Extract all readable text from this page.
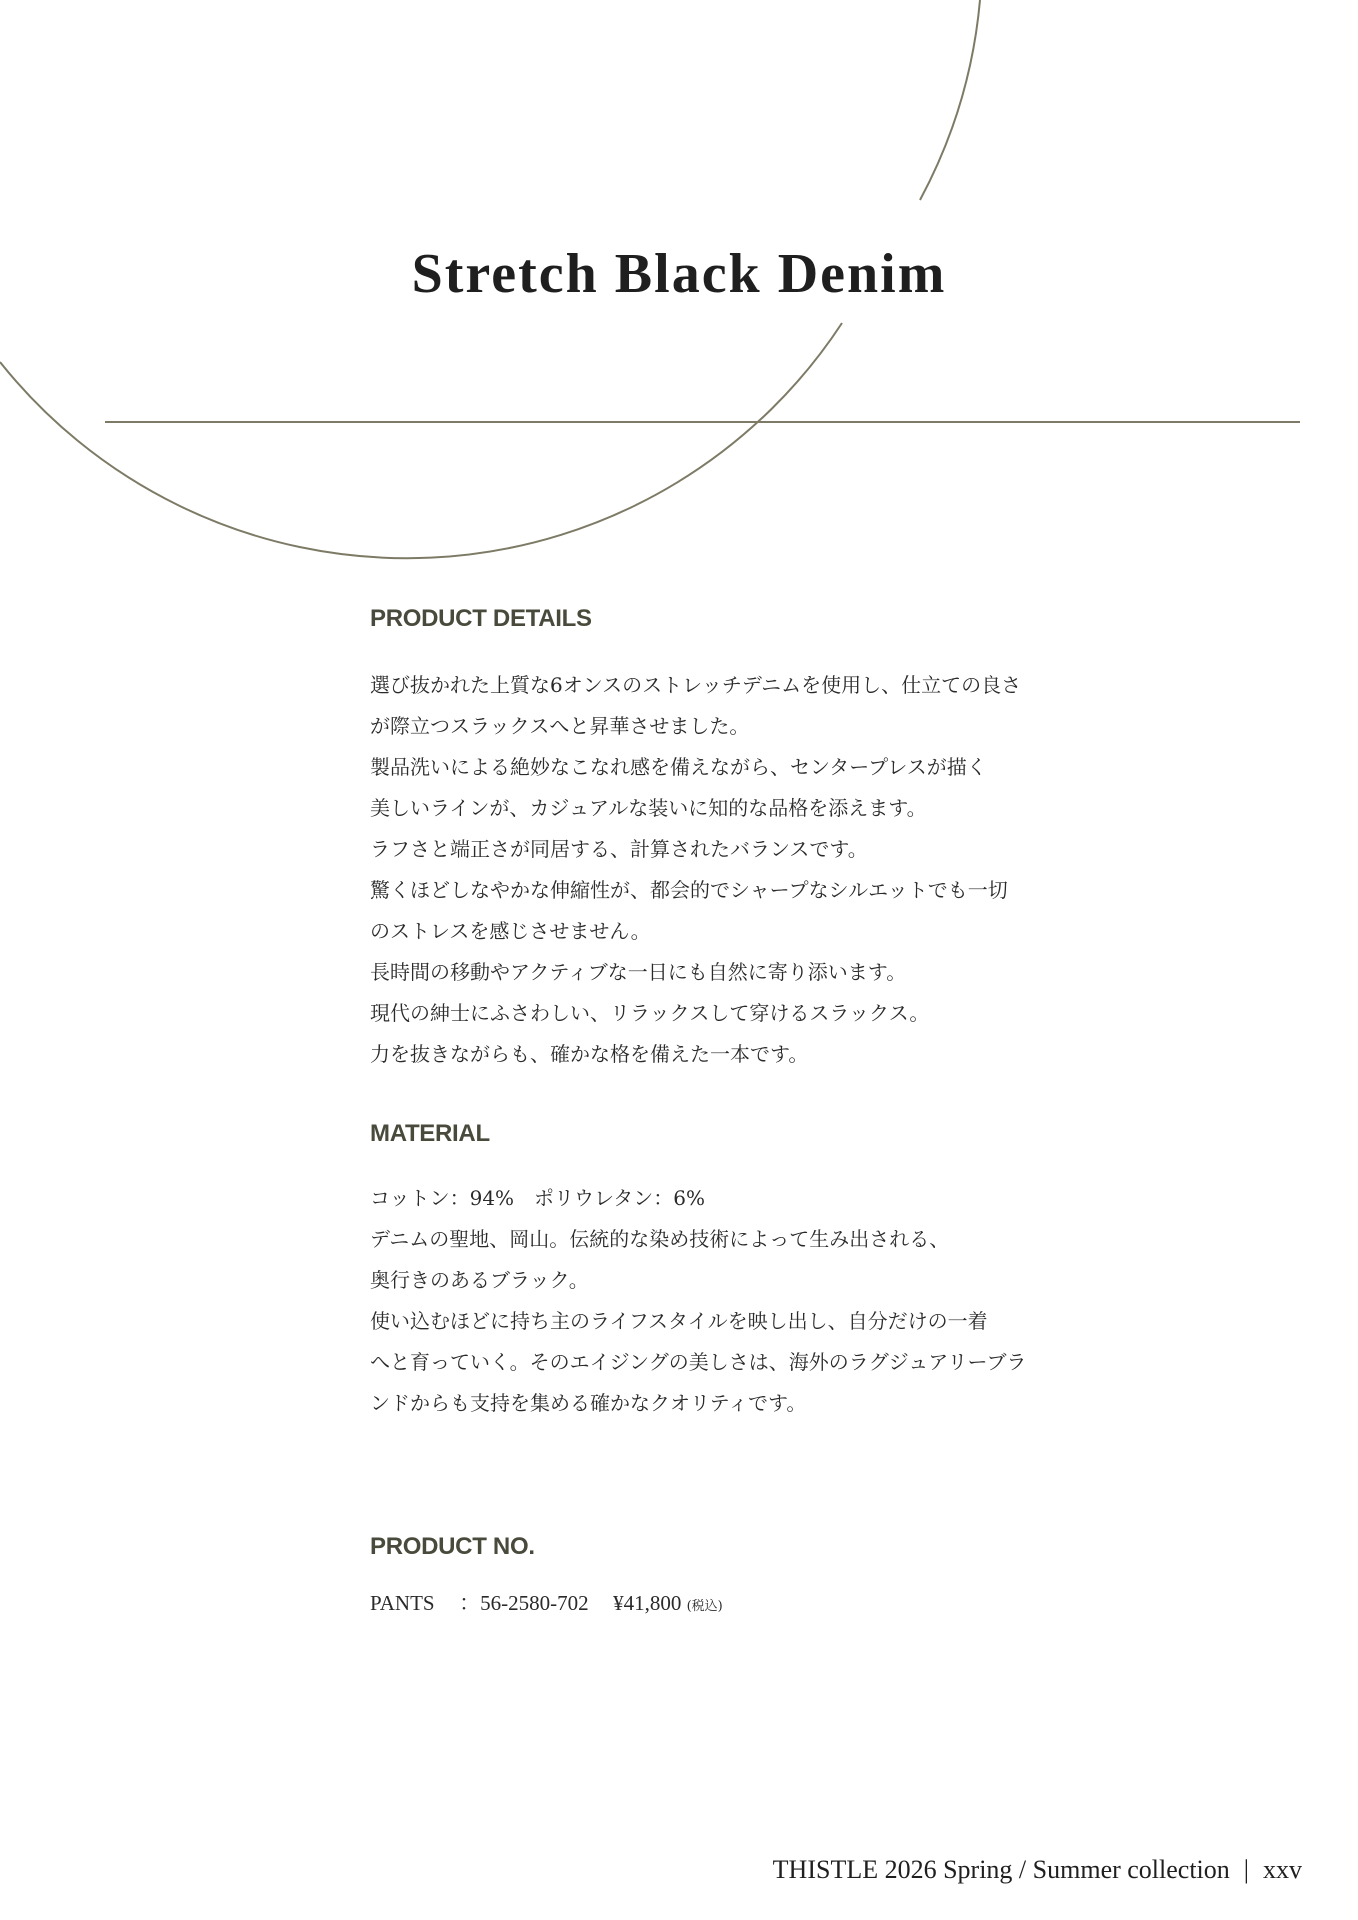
Stretch Black Denim
PRODUCT DETAILS
選び抜かれた上質な6オンスのストレッチデニムを使用し、仕立ての良さ
が際立つスラックスへと昇華させました。
製品洗いによる絶妙なこなれ感を備えながら、センタープレスが描く
美しいラインが、カジュアルな装いに知的な品格を添えます。
ラフさと端正さが同居する、計算されたバランスです。
驚くほどしなやかな伸縮性が、都会的でシャープなシルエットでも一切
のストレスを感じさせません。
長時間の移動やアクティブな一日にも自然に寄り添います。
現代の紳士にふさわしい、リラックスして穿けるスラックス。
力を抜きながらも、確かな格を備えた一本です。
MATERIAL
コットン：94%　ポリウレタン：6%
デニムの聖地、岡山。伝統的な染め技術によって生み出される、
奥行きのあるブラック。
使い込むほどに持ち主のライフスタイルを映し出し、自分だけの一着
へと育っていく。そのエイジングの美しさは、海外のラグジュアリーブラ
ンドからも支持を集める確かなクオリティです。
PRODUCT NO.
PANTS ：56-2580-702 ¥41,800 (税込)
THISTLE 2026 Spring / Summer collection | xxv
